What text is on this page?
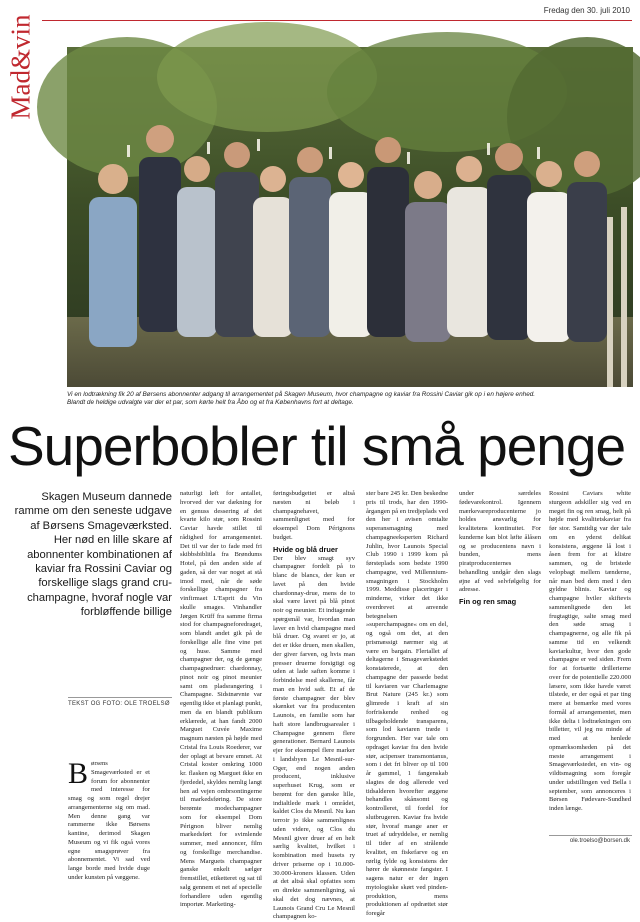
Mad&vin
Fredag den 30. juli 2010
Vi en lodtrækning fik 20 af Børsens abonnenter adgang til arrangementet på Skagen Museum, hvor champagne og kaviar fra Rossini Caviar gik op i en højere enhed.
Blandt de heldige udvalgte var der et par, som kørte helt fra Åbo og et fra Københavns fort at deltage.
Superbobler til små penge
Skagen Museum dannede ramme om den seneste udgave af Børsens Smageværksted. Her nød en lille skare af abonnenter kombinationen af kaviar fra Rossini Caviar og forskellige slags grand cru-champagne, hvoraf nogle var forbløffende billige
TEKST OG FOTO: OLE TROELSØ
B ørsens Smageværksted er et forum for abonnenter med interesse for smag og som regel drejer arrangementerne sig om mad. Men denne gang var rammerne ikke Børsens kantine, derimod Skagen Museum og vi fik også vores egne smagsprøver fra abonnementet. Vi sad ved lange borde med hvide duge under kunsten på væggene.

naturligt løft for antallet, hvorved der var dækning for en genuss dessering af det kvarte kilo stør, som Rossini Caviar havde stillet til rådighed for arrangementet. Det til var der to fade med fri skibbsbiblitla fra Brøndums Hotel, på den anden side af gaden, så der var noget at stå imod med, når de søde forskellige champagner fra vinfirmaet L'Esprit du Vin skulle smages. Vinhandler Jørgen Krüff fra samme firma stod for champagneforedraget, som blandt andet gik på de forskellige alle fine vine pet og huse. Samme med champagner der, og de gænge champagnedruer: chardonnay, pinot noir og pinot meunier samt om pladsrangering i Champagne. Sidstnævnte var egentlig ikke et planlagt punkt, men da en blandt publikum erklærede, at han fandt 2000 Marguet Cuvée Maxime magnum næsten på højde med Cristal fra Louis Roederer, var der oplagt at bevare emnet. At Cristal koster omkring 1000 kr. flasken og Marguet ikke en fjerdedel, skyldes nemlig langt hen ad vejen ombrsontingerne til markedsføring. De store berømte modechampagner som for eksempel Dom Pérignon bliver nemlig markedsført for svimlende summer, med annoncer, film og forskellige merchandise. Mens Marguets champagner ganske enkelt sælger fremstillet, etiketteret og sat til salg gennem et net af specielle forhandlere uden egentlig importør. Marketing-

føringsbudgettet er altså næsten ni beløb i champagnehavet, sammenlignet med for eksempel Dom Pérignons budget.

Hvide og blå druer

Der blev smagt syv champagner fordelt på to blanc de blancs, der kun er lavet på den hvide chardonnay-drue, mens de to skal være lavet på blå pinot noir og meunier. Et indtagende spørgsmål var, hvordan man laver en hvid champagne med blå druer. Og svaret er jo, at det er ikke druen, men skallen, der giver farven, og hvis man presser druerne forsigtigt og uden at lade saften komme i forbindelse med skallerne, får man en hvid saft. Et af de første champagner der blev skænket var fra producenten Launois, en familie som har haft store landbrugsarealer i Champagne gennem flere generationer. Bernard Launois ejer for eksempel flere marker i landsbyen Le Mesnil-sur-Oger, end nogen anden producent, inklusive superhuset Krug, som er berømt for den ganske lille, indialtlede mark i området, kaldet Clos du Mesnil. Nu kan terroir jo ikke sammenlignes uden videre, og Clos du Mesnil giver druer af en helt særlig kvalitet, hvilket i kombination med husets ry driver priserne op i 10.000-30.000-kroners klassen. Uden at det altså skal opfattes som en direkte sammenligning, så skal det dog nævnes, at Launois Grand Cru Le Mesnil champagnen ko-

ster bare 245 kr. Den beskedne pris til trods, har den 1990-årgangen på en tredjeplads ved den her i avisen omtalte superansmagning med champagneeksperten Richard Juhlin, hvor Launois Special Club 1990 i 1999 kom på førsteplads som bedste 1990 champagne, ved Millennium-smagningen i Stockholm 1999. Meddisse placeringer i minderne, virker det ikke overdrevet at anvende betegnelsen »superchampagne« om en del, og også om det, at den prismæssigt nærmer sig at være en bargain. Flertallet af deltagerne i Smageværkstedet konstaterede, at den champagne der passede bedst til kaviaren var Charlemagne Brut Nature (245 kr.) som glimrede i kraft af sin forfriskende renhed og tilbageholdende transparens, som lod kaviaren træde i forgrunden. Her var tale om opdraget kaviar fra den hvide stør, acipenser transmontanus, som i det fri bliver op til 100 år gammel, 1 fangenskab slagtes de dog allerede ved tidsalderen hvorefter æggene behandles skånsomt og kontrolleret, til fordel for slutbrugeren. Kaviar fra hvide stør, hvoraf mange aner er truet af udryddelse, er nemlig til tider af en strålende kvalitet, en fiskefarve og en rørlig fylde og konsistens der hører de skønneste fangster. I sagens natur er der ingen mytologiske skørt ved pinden-produktion, mens produktionen af opdrættet stør foregår

under særdeles fødevarekontrol. Igennem mærkevareproducenterne jo holdes ansvarlig for kvalitetens kontinuitet. For kunderne kan blot løfte ålåsen og se producentens navn i bunden, mens piratproducenternes behandling undgår den slags øjne af ved selvfølgelig for adresse.

Fin og ren smag

Rossini Caviars white sturgeon adskiller sig ved en meget fin og ren smag, helt på højde med kvalitetskaviar fra før stor. Samtidig var der tale om en yderst delikat konsistens, æggene lå lost i åsen frem for at klistre sammen, og de bristede velopbagt mellem tænderne, når man bed dem med i den gyldne blinis. Kaviar og champagne hviler skiftevis sammenlignede den let frugtagtige, salte smag med den søde smag i champagnerne, og alle fik på samme tid en velkendt kaviarkultur, hvor den gode champagne er ved siden. Frem for at fortsætte drillerierne over for de potentielle 220.000 læsere, som ikke havde været tilstede, er der også et par ting mere at bemærke med vores formål af arrangementet, men ikke delta i lodtrækningen om billetter, vil jeg nu minde af med at henlede opmærksomheden på det meste arrangement i Smageværkstedet, en vin- og vildtsmagning som foregår under udstillingen ved Bella i september, som annonceres i Børsen Fødevare-Sundhed inden længe.

ole.troelso@borsen.dk
